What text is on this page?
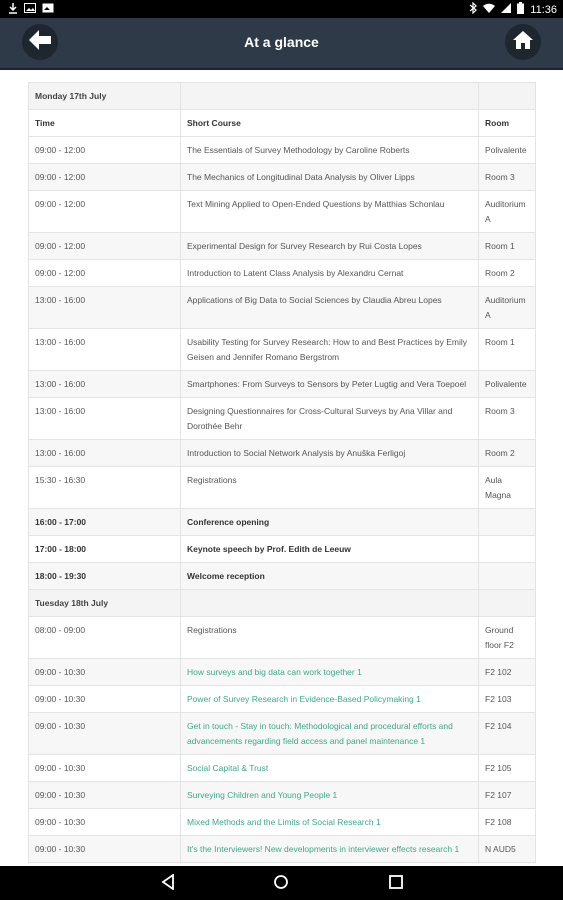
11:36
At a glance
Monday 17th July		
Time	Short Course	Room
09:00 - 12:00	The Essentials of Survey Methodology by Caroline Roberts	Polivalente
09:00 - 12:00	The Mechanics of Longitudinal Data Analysis by Oliver Lipps	Room 3
09:00 - 12:00	Text Mining Applied to Open-Ended Questions by Matthias Schonlau	Auditorium A
09:00 - 12:00	Experimental Design for Survey Research by Rui Costa Lopes	Room 1
09:00 - 12:00	Introduction to Latent Class Analysis by Alexandru Cernat	Room 2
13:00 - 16:00	Applications of Big Data to Social Sciences by Claudia Abreu Lopes	Auditorium A
13:00 - 16:00	Usability Testing for Survey Research: How to and Best Practices by Emily Geisen and Jennifer Romano Bergstrom	Room 1
13:00 - 16:00	Smartphones: From Surveys to Sensors by Peter Lugtig and Vera Toepoel	Polivalente
13:00 - 16:00	Designing Questionnaires for Cross-Cultural Surveys by Ana Villar and Dorothée Behr	Room 3
13:00 - 16:00	Introduction to Social Network Analysis by Anuška Ferligoj	Room 2
15:30 - 16:30	Registrations	Aula Magna
16:00 - 17:00	Conference opening	
17:00 - 18:00	Keynote speech by Prof. Edith de Leeuw	
18:00 - 19:30	Welcome reception	
Tuesday 18th July		
08:00 - 09:00	Registrations	Ground floor F2
09:00 - 10:30	How surveys and big data can work together 1	F2 102
09:00 - 10:30	Power of Survey Research in Evidence-Based Policymaking 1	F2 103
09:00 - 10:30	Get in touch - Stay in touch: Methodological and procedural efforts and advancements regarding field access and panel maintenance 1	F2 104
09:00 - 10:30	Social Capital & Trust	F2 105
09:00 - 10:30	Surveying Children and Young People 1	F2 107
09:00 - 10:30	Mixed Methods and the Limits of Social Research 1	F2 108
09:00 - 10:30	It's the Interviewers! New developments in interviewer effects research 1	N AUD5
